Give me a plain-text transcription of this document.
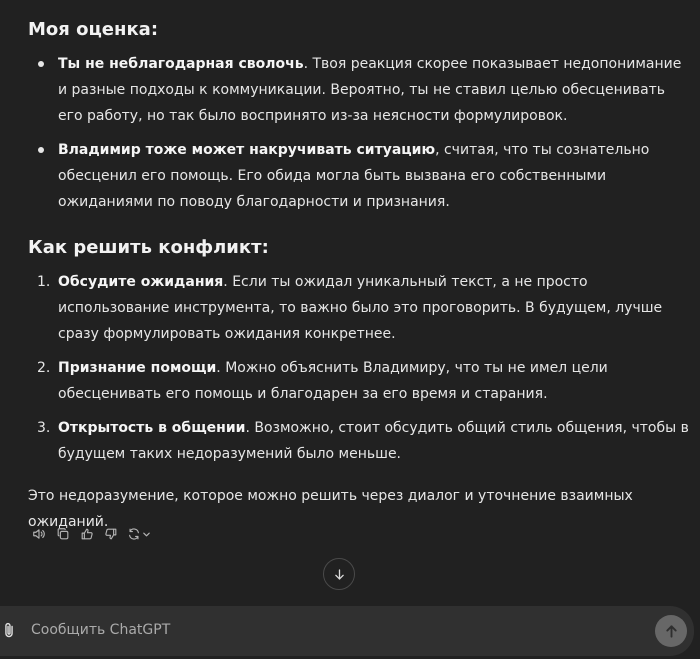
Моя оценка:
Ты не неблагодарная сволочь. Твоя реакция скорее показывает недопонимание и разные подходы к коммуникации. Вероятно, ты не ставил целью обесценивать его работу, но так было воспринято из-за неясности формулировок.
Владимир тоже может накручивать ситуацию, считая, что ты сознательно обесценил его помощь. Его обида могла быть вызвана его собственными ожиданиями по поводу благодарности и признания.
Как решить конфликт:
1. Обсудите ожидания. Если ты ожидал уникальный текст, а не просто использование инструмента, то важно было это проговорить. В будущем, лучше сразу формулировать ожидания конкретнее.
2. Признание помощи. Можно объяснить Владимиру, что ты не имел цели обесценивать его помощь и благодарен за его время и старания.
3. Открытость в общении. Возможно, стоит обсудить общий стиль общения, чтобы в будущем таких недоразумений было меньше.

Это недоразумение, которое можно решить через диалог и уточнение взаимных ожиданий.

Сообщить ChatGPT
